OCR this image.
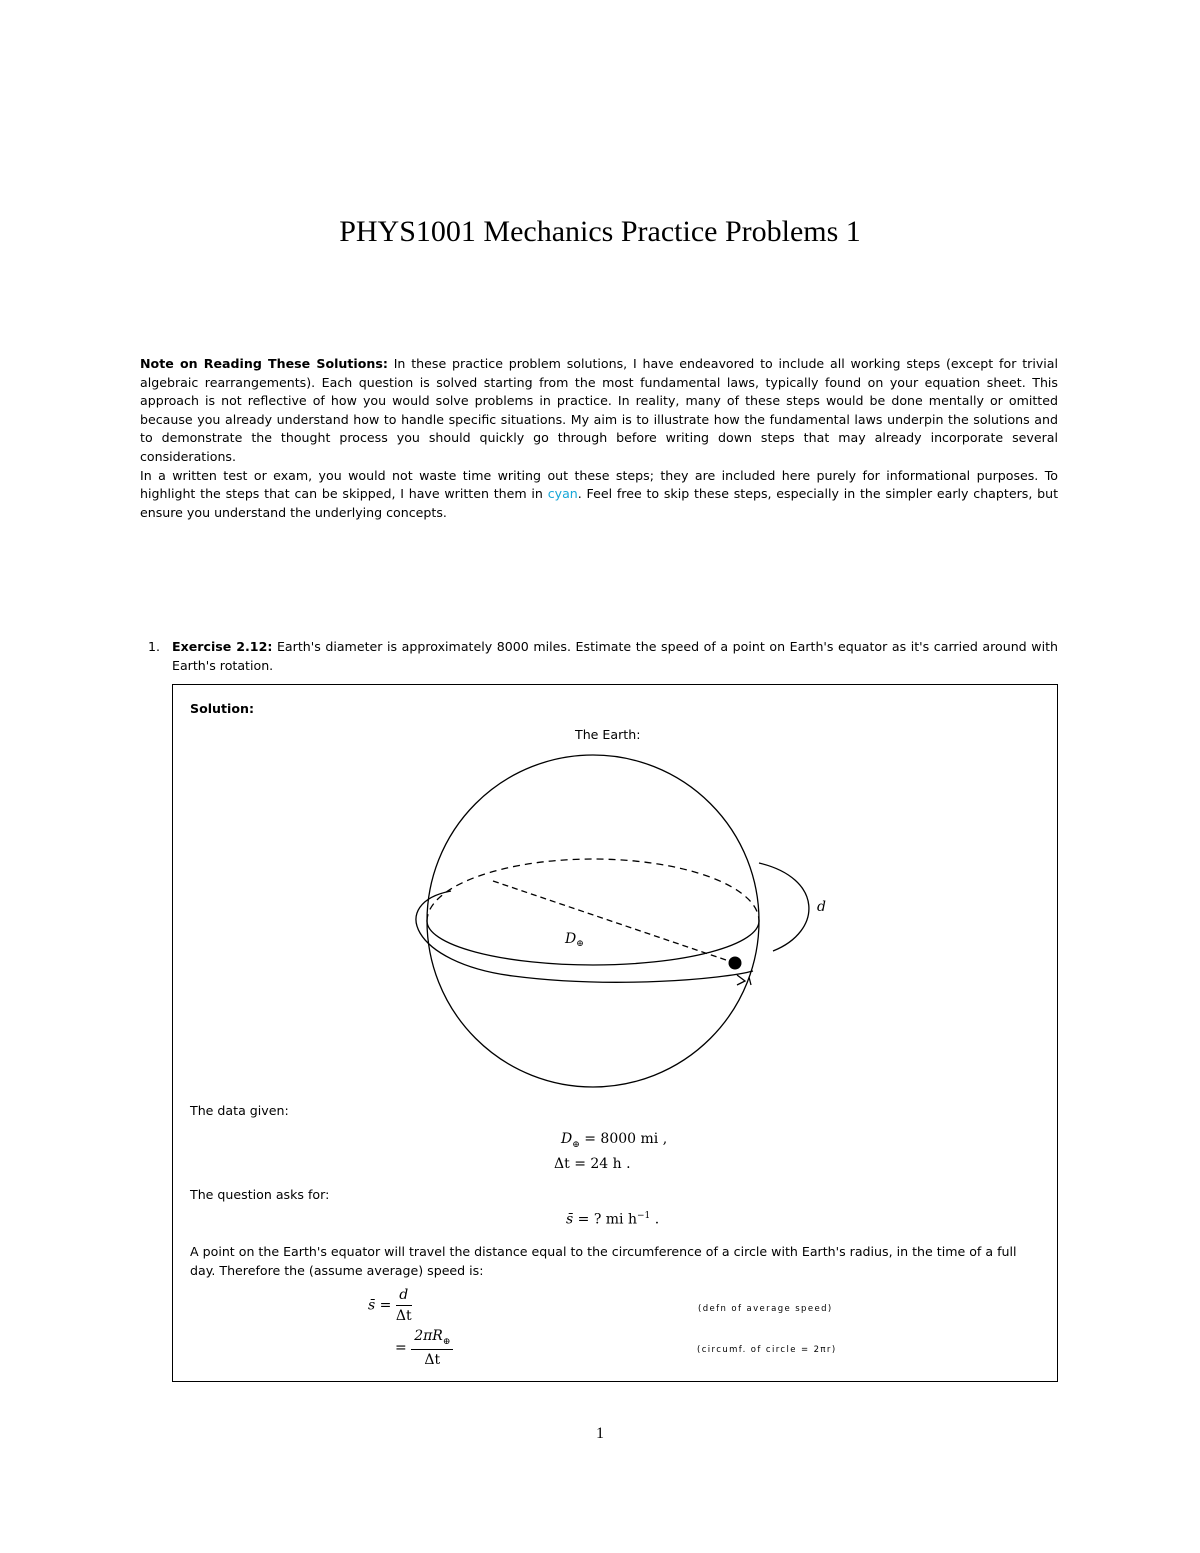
PHYS1001 Mechanics Practice Problems 1
Note on Reading These Solutions: In these practice problem solutions, I have endeavored to include all working steps (except for trivial algebraic rearrangements). Each question is solved starting from the most fundamental laws, typically found on your equation sheet. This approach is not reflective of how you would solve problems in practice. In reality, many of these steps would be done mentally or omitted because you already understand how to handle specific situations. My aim is to illustrate how the fundamental laws underpin the solutions and to demonstrate the thought process you should quickly go through before writing down steps that may already incorporate several considerations.
In a written test or exam, you would not waste time writing out these steps; they are included here purely for informational purposes. To highlight the steps that can be skipped, I have written them in cyan. Feel free to skip these steps, especially in the simpler early chapters, but ensure you understand the underlying concepts.
1. Exercise 2.12: Earth's diameter is approximately 8000 miles. Estimate the speed of a point on Earth's equator as it's carried around with Earth's rotation.
Solution:
The Earth:
$D_\oplus$
d
The data given:
$D_\oplus = 8000$ mi ,
Δt = 24 h .
The question asks for:
s̄ = ? mi $h^{-1}$ .
A point on the Earth's equator will travel the distance equal to the circumference of a circle with Earth's radius, in the time of a full day. Therefore the (assume average) speed is:
s̄ = $\frac{d}{\Delta t}$	(defn of average speed)
= $\frac{2\pi R_\oplus}{\Delta t}$	(circumf. of circle = 2πr)
1
